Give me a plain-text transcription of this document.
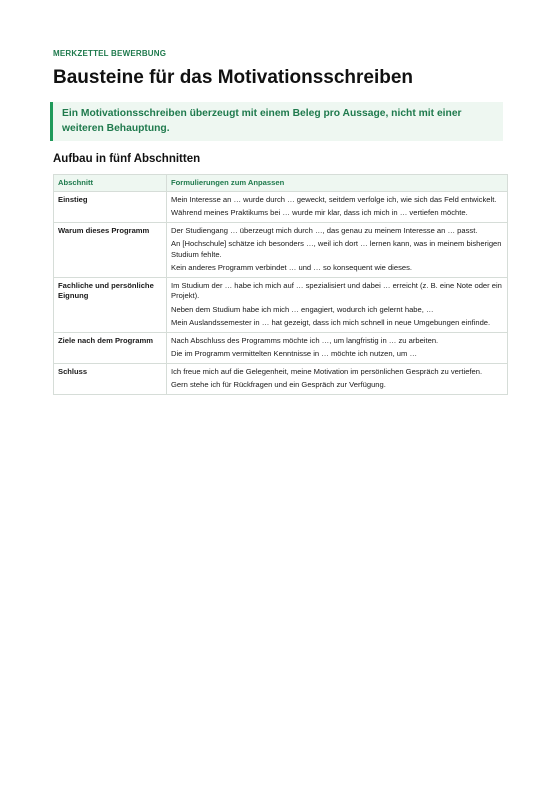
MERKZETTEL BEWERBUNG
Bausteine für das Motivationsschreiben
Ein Motivationsschreiben überzeugt mit einem Beleg pro Aussage, nicht mit einer weiteren Behauptung.
Aufbau in fünf Abschnitten
Abschnitt	Formulierungen zum Anpassen
Einstieg	Mein Interesse an … wurde durch … geweckt, seitdem verfolge ich, wie sich das Feld entwickelt.

Während meines Praktikums bei … wurde mir klar, dass ich mich in … vertiefen möchte.

Warum dieses Programm	Der Studiengang … überzeugt mich durch …, das genau zu meinem Interesse an … passt.

An [Hochschule] schätze ich besonders …, weil ich dort … lernen kann, was in meinem bisherigen Studium fehlte.

Kein anderes Programm verbindet … und … so konsequent wie dieses.

Fachliche und persönliche Eignung	Im Studium der … habe ich mich auf … spezialisiert und dabei … erreicht (z. B. eine Note oder ein Projekt).

Neben dem Studium habe ich mich … engagiert, wodurch ich gelernt habe, …

Mein Auslandssemester in … hat gezeigt, dass ich mich schnell in neue Umgebungen einfinde.

Ziele nach dem Programm	Nach Abschluss des Programms möchte ich …, um langfristig in … zu arbeiten.

Die im Programm vermittelten Kenntnisse in … möchte ich nutzen, um …

Schluss	Ich freue mich auf die Gelegenheit, meine Motivation im persönlichen Gespräch zu vertiefen.

Gern stehe ich für Rückfragen und ein Gespräch zur Verfügung.
